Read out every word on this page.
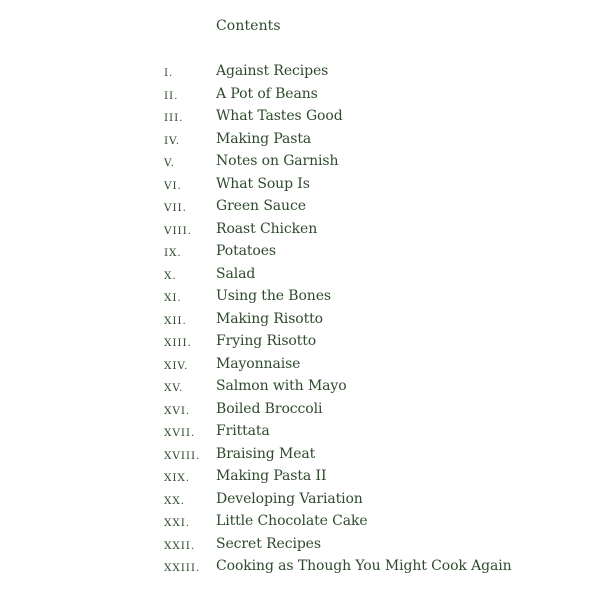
Contents
I.	Against Recipes
II.	A Pot of Beans
III. What Tastes Good
IV.	Making Pasta
V.	Notes on Garnish
VI. What Soup Is
VII. Green Sauce
VIII. Roast Chicken
IX. Potatoes
X.	Salad
XI. Using the Bones
XII. Making Risotto
XIII. Frying Risotto
XIV. Mayonnaise
XV. Salmon with Mayo
XVI. Boiled Broccoli
XVII. Frittata
XVIII. Braising Meat
XIX. Making Pasta II
XX. Developing Variation
XXI. Little Chocolate Cake
XXII. Secret Recipes
XXIII. Cooking as Though You Might Cook Again
